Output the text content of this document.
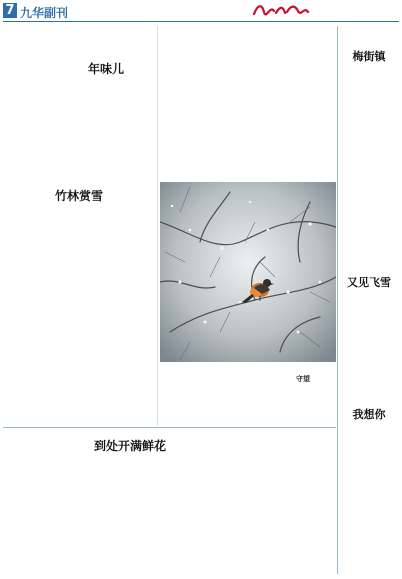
7 九华副刊
年味儿
竹林赏雪
守望
到处开满鲜花
梅街镇
又见飞雪
我想你
